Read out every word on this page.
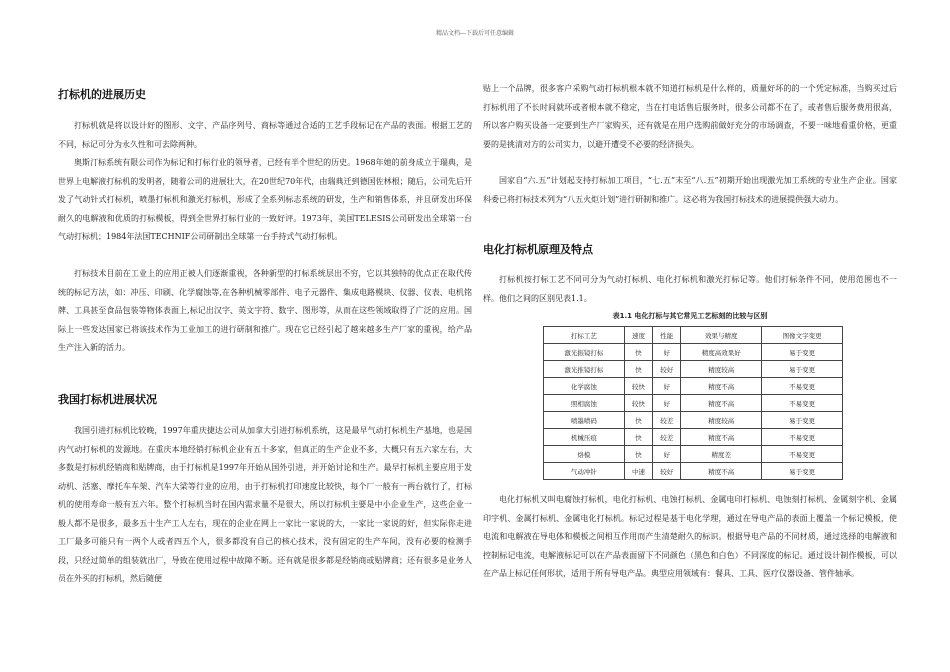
精品文档---下载后可任意编辑
打标机的进展历史

打标机就是将以设计好的图形、文字、产品序列号、商标等通过合适的工艺手段标记在产品的表面。根据工艺的不同，标记可分为永久性和可去除两种。

奥斯汀标系统有限公司作为标记和打标行业的领导者，已经有半个世纪的历史。1968年她的前身成立于瑞典，是世界上电解液打标机的发明者，随着公司的进展壮大，在20世纪70年代，由瑞典迁到德国佐林根；随后，公司先后开发了气动针式打标机，喷墨打标机和激光打标机，形成了全系列标志系统的研发，生产和销售体系，并且研发出环保耐久的电解液和优质的打标模板，得到全世界打标行业的一致好评。1973年，美国TELESIS公司研发出全球第一台气动打标机；1984年法国TECHNIF公司研制出全球第一台手持式气动打标机。

打标技术目前在工业上的应用正被人们逐渐重视，各种新型的打标系统层出不穷，它以其独特的优点正在取代传统的标记方法，如：冲压、印刷、化学腐蚀等,在各种机械零部件、电子元器件、集成电路模块、仪器、仪表、电机铭牌、工具甚至食品包装等物体表面上,标记出汉字、英文字符、数字、图形等，从而在这些领域取得了广泛的应用。国际上一些发达国家已将该技术作为工业加工的进行研制和推广。现在它已经引起了越来越多生产厂家的重视，给产品生产注入新的活力。

我国打标机进展状况

我国引进打标机比较晚，1997年重庆捷达公司从加拿大引进打标机系统，这是最早气动打标机生产基地，也是国内气动打标机的发源地。在重庆本地经销打标机企业有五十多家，但真正的生产企业不多，大概只有五六家左右，大多数是打标机经销商和贴牌商，由于打标机是1997年开始从国外引进，并开始讨论和生产。最早打标机主要应用于发动机、活塞、摩托车车架、汽车大梁等行业的应用，由于打标机打印速度比较快，每个厂一般有一两台就行了，打标机的使用寿命一般有五六年。整个打标机当时在国内需求量不是很大，所以打标机主要是中小企业生产，这些企业一般人都不是很多，最多五十生产工人左右，现在的企业在网上一家比一家说的大，一家比一家说的好，但实际你走进工厂最多可能只有一两个人或者四五个人，很多都没有自己的核心技术，没有固定的生产车间，没有必要的检测手段，只经过简单的组装就出厂，导致在使用过程中故障不断。还有就是很多都是经销商或贴牌商；还有很多是业务人员在外买的打标机，然后随便

贴上一个品牌，很多客户采购气动打标机根本就不知道打标机是什么样的，质量好坏的的一个凭定标准，当购买过后打标机用了不长时间就坏或者根本就不稳定，当在打电话售后服务时，很多公司都不在了，或者售后服务费用很高，所以客户购买设备一定要到生产厂家购买，还有就是在用户选购前做好充分的市场调查，不要一味地看重价格，更重要的是挑清对方的公司实力，以避开遭受不必要的经济损失。

国家自“六.五”计划起支持打标加工项目，“七.五”末至“八.五”初期开始出现激光加工系统的专业生产企业。国家科委已将打标技术列为“八五火炬计划”进行研制和推广。这必将为我国打标技术的进展提供强大动力。

电化打标机原理及特点

打标机按打标工艺不同可分为气动打标机、电化打标机和激光打标记等。他们打标条件不同，使用范围也不一样。他们之间的区别见表1.1。

表1.1 电化打标与其它常见工艺标刻的比较与区别
打标工艺	速度	性能	效果与精度	图像文字变更
激光振镜打标	快	好	精度高效果好	易于变更
激光推镜打标	快	较好	精度较高	易于变更
化学腐蚀	较快	好	精度不高	不易变更
照相腐蚀	较快	好	精度不高	不易变更
喷墨喷码	快	较差	精度较高	易于变更
机械压痕	快	较差	精度不高	不易变更
烙模	快	好	精度差	不易变更
气动冲针	中速	较好	精度不高	易于变更

电化打标机又叫电腐蚀打标机，电化打标机、电蚀打标机、金属电印打标机、电蚀刻打标机、金属刻字机、金属印字机、金属打标机、金属电化打标机。标记过程是基于电化学理，通过在导电产品的表面上覆盖一个标记模板，使电流和电解液在导电体和模板之间相互作用而产生清楚耐久的标识。根据导电产品的不同材质，通过选择的电解液和控制标记电流，电解液标记可以在产品表面留下不同颜色（黑色和白色）不同深度的标记。通过设计制作模板，可以在产品上标记任何形状，适用于所有导电产品。典型应用领域有：餐具、工具、医疗仪器设备、管件轴承。
